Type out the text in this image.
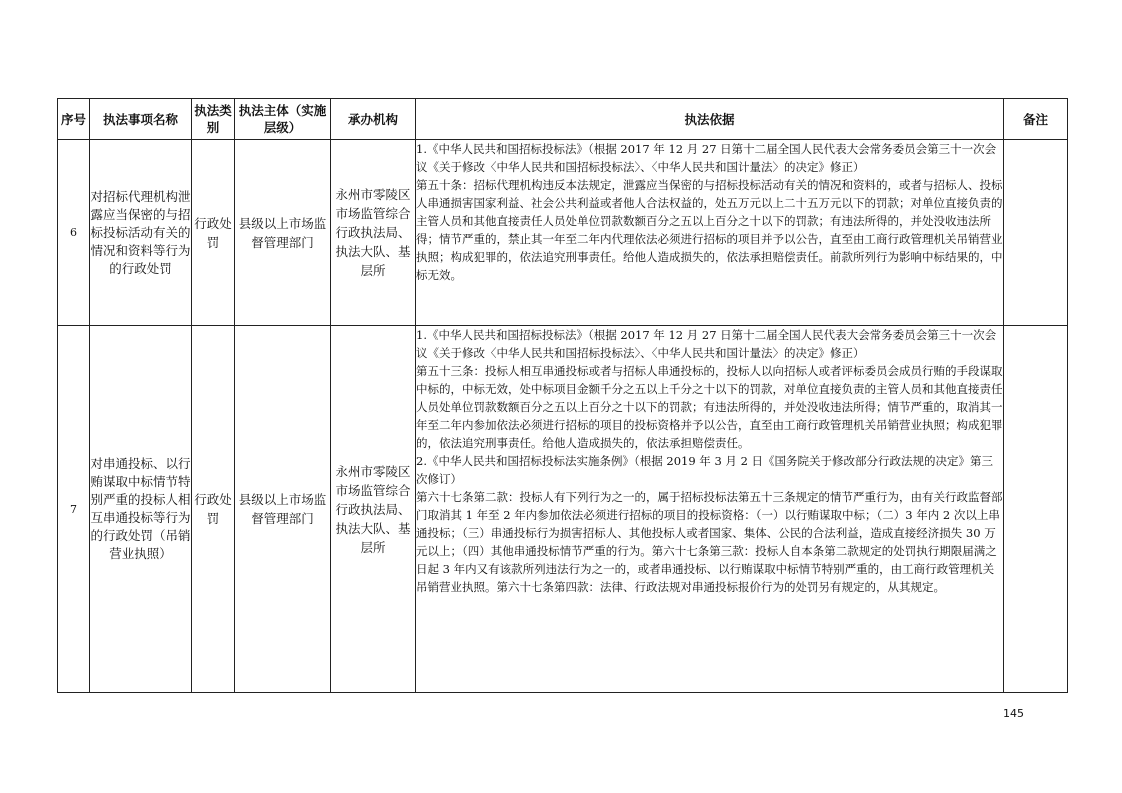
序号	执法事项名称	执法类别	执法主体（实施层级）	承办机构	执法依据	备注
6	对招标代理机构泄露应当保密的与招标投标活动有关的情况和资料等行为的行政处罚	行政处罚	县级以上市场监督管理部门	永州市零陵区市场监管综合行政执法局、执法大队、基层所	1.《中华人民共和国招标投标法》（根据 2017 年 12 月 27 日第十二届全国人民代表大会常务委员会第三十一次会议《关于修改〈中华人民共和国招标投标法〉、〈中华人民共和国计量法〉的决定》修正）

第五十条：招标代理机构违反本法规定，泄露应当保密的与招标投标活动有关的情况和资料的，或者与招标人、投标人串通损害国家利益、社会公共利益或者他人合法权益的，处五万元以上二十五万元以下的罚款；对单位直接负责的主管人员和其他直接责任人员处单位罚款数额百分之五以上百分之十以下的罚款；有违法所得的，并处没收违法所得；情节严重的，禁止其一年至二年内代理依法必须进行招标的项目并予以公告，直至由工商行政管理机关吊销营业执照；构成犯罪的，依法追究刑事责任。给他人造成损失的，依法承担赔偿责任。前款所列行为影响中标结果的，中标无效。	

7	对串通投标、以行贿谋取中标情节特别严重的投标人相互串通投标等行为的行政处罚（吊销营业执照）	行政处罚	县级以上市场监督管理部门	永州市零陵区市场监管综合行政执法局、执法大队、基层所	1.《中华人民共和国招标投标法》（根据 2017 年 12 月 27 日第十二届全国人民代表大会常务委员会第三十一次会议《关于修改〈中华人民共和国招标投标法〉、〈中华人民共和国计量法〉的决定》修正）

第五十三条：投标人相互串通投标或者与招标人串通投标的，投标人以向招标人或者评标委员会成员行贿的手段谋取中标的，中标无效，处中标项目金额千分之五以上千分之十以下的罚款，对单位直接负责的主管人员和其他直接责任人员处单位罚款数额百分之五以上百分之十以下的罚款；有违法所得的，并处没收违法所得；情节严重的，取消其一年至二年内参加依法必须进行招标的项目的投标资格并予以公告，直至由工商行政管理机关吊销营业执照；构成犯罪的，依法追究刑事责任。给他人造成损失的，依法承担赔偿责任。

2.《中华人民共和国招标投标法实施条例》（根据 2019 年 3 月 2 日《国务院关于修改部分行政法规的决定》第三次修订）

第六十七条第二款：投标人有下列行为之一的，属于招标投标法第五十三条规定的情节严重行为，由有关行政监督部门取消其 1 年至 2 年内参加依法必须进行招标的项目的投标资格：（一）以行贿谋取中标；（二）3 年内 2 次以上串通投标；（三）串通投标行为损害招标人、其他投标人或者国家、集体、公民的合法利益，造成直接经济损失 30 万元以上；（四）其他串通投标情节严重的行为。第六十七条第三款：投标人自本条第二款规定的处罚执行期限届满之日起 3 年内又有该款所列违法行为之一的，或者串通投标、以行贿谋取中标情节特别严重的，由工商行政管理机关吊销营业执照。第六十七条第四款：法律、行政法规对串通投标报价行为的处罚另有规定的，从其规定。	

145
